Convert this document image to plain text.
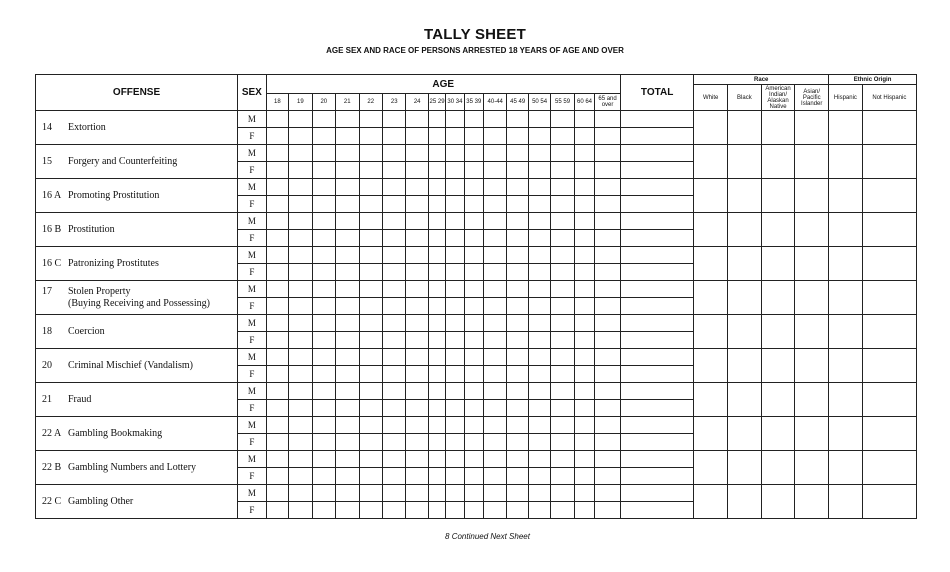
TALLY SHEET
AGE SEX AND RACE OF PERSONS ARRESTED 18 YEARS OF AGE AND OVER
OFFENSE	SEX	AGE																TOTAL	Race				Ethnic Origin	
																			White	Black	American Indian/ Alaskan Native	Asian/ Pacific Islander	Hispanic	Not Hispanic
		18	19	20	21	22	23	24	25 29	30 34	35 39	40-44	45 49	50 54	55 59	60 64	65 and over							
14 Extortion	M																							
	F																							
15 Forgery and Counterfeiting	M																							
	F																							
16 A Promoting Prostitution	M																							
	F																							
16 B Prostitution	M																							
	F																							
16 C Patronizing Prostitutes	M																							
	F																							
17 Stolen Property
(Buying Receiving and Possessing)	M																							
	F																							
18 Coercion	M																							
	F																							
20 Criminal Mischief (Vandalism)	M																							
	F																							
21 Fraud	M																							
	F																							
22 A Gambling Bookmaking	M																							
	F																							
22 B Gambling Numbers and Lottery	M																							
	F																							
22 C Gambling Other	M																							
	F																							
8 Continued Next Sheet
